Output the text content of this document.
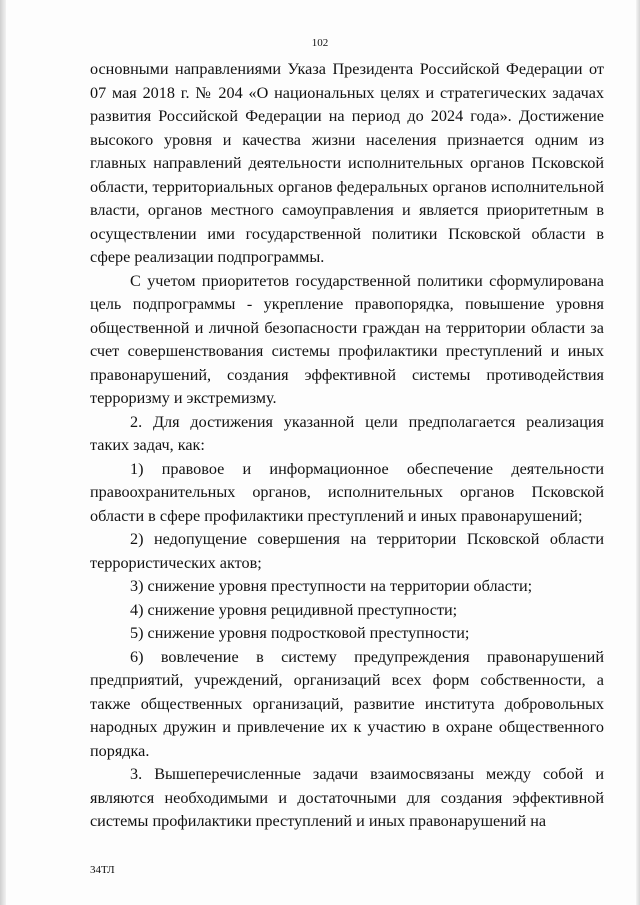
102

основными направлениями Указа Президента Российской Федерации от 07 мая 2018 г. № 204 «О национальных целях и стратегических задачах развития Российской Федерации на период до 2024 года». Достижение высокого уровня и качества жизни населения признается одним из главных направлений деятельности исполнительных органов Псковской области, территориальных органов федеральных органов исполнительной власти, органов местного самоуправления и является приоритетным в осуществлении ими государственной политики Псковской области в сфере реализации подпрограммы.

С учетом приоритетов государственной политики сформулирована цель подпрограммы - укрепление правопорядка, повышение уровня общественной и личной безопасности граждан на территории области за счет совершенствования системы профилактики преступлений и иных правонарушений, создания эффективной системы противодействия терроризму и экстремизму.

2. Для достижения указанной цели предполагается реализация таких задач, как:

1) правовое и информационное обеспечение деятельности правоохранительных органов, исполнительных органов Псковской области в сфере профилактики преступлений и иных правонарушений;

2) недопущение совершения на территории Псковской области террористических актов;

3) снижение уровня преступности на территории области;

4) снижение уровня рецидивной преступности;

5) снижение уровня подростковой преступности;

6) вовлечение в систему предупреждения правонарушений предприятий, учреждений, организаций всех форм собственности, а также общественных организаций, развитие института добровольных народных дружин и привлечение их к участию в охране общественного порядка.

3. Вышеперечисленные задачи взаимосвязаны между собой и являются необходимыми и достаточными для создания эффективной системы профилактики преступлений и иных правонарушений на

34ТЛ
